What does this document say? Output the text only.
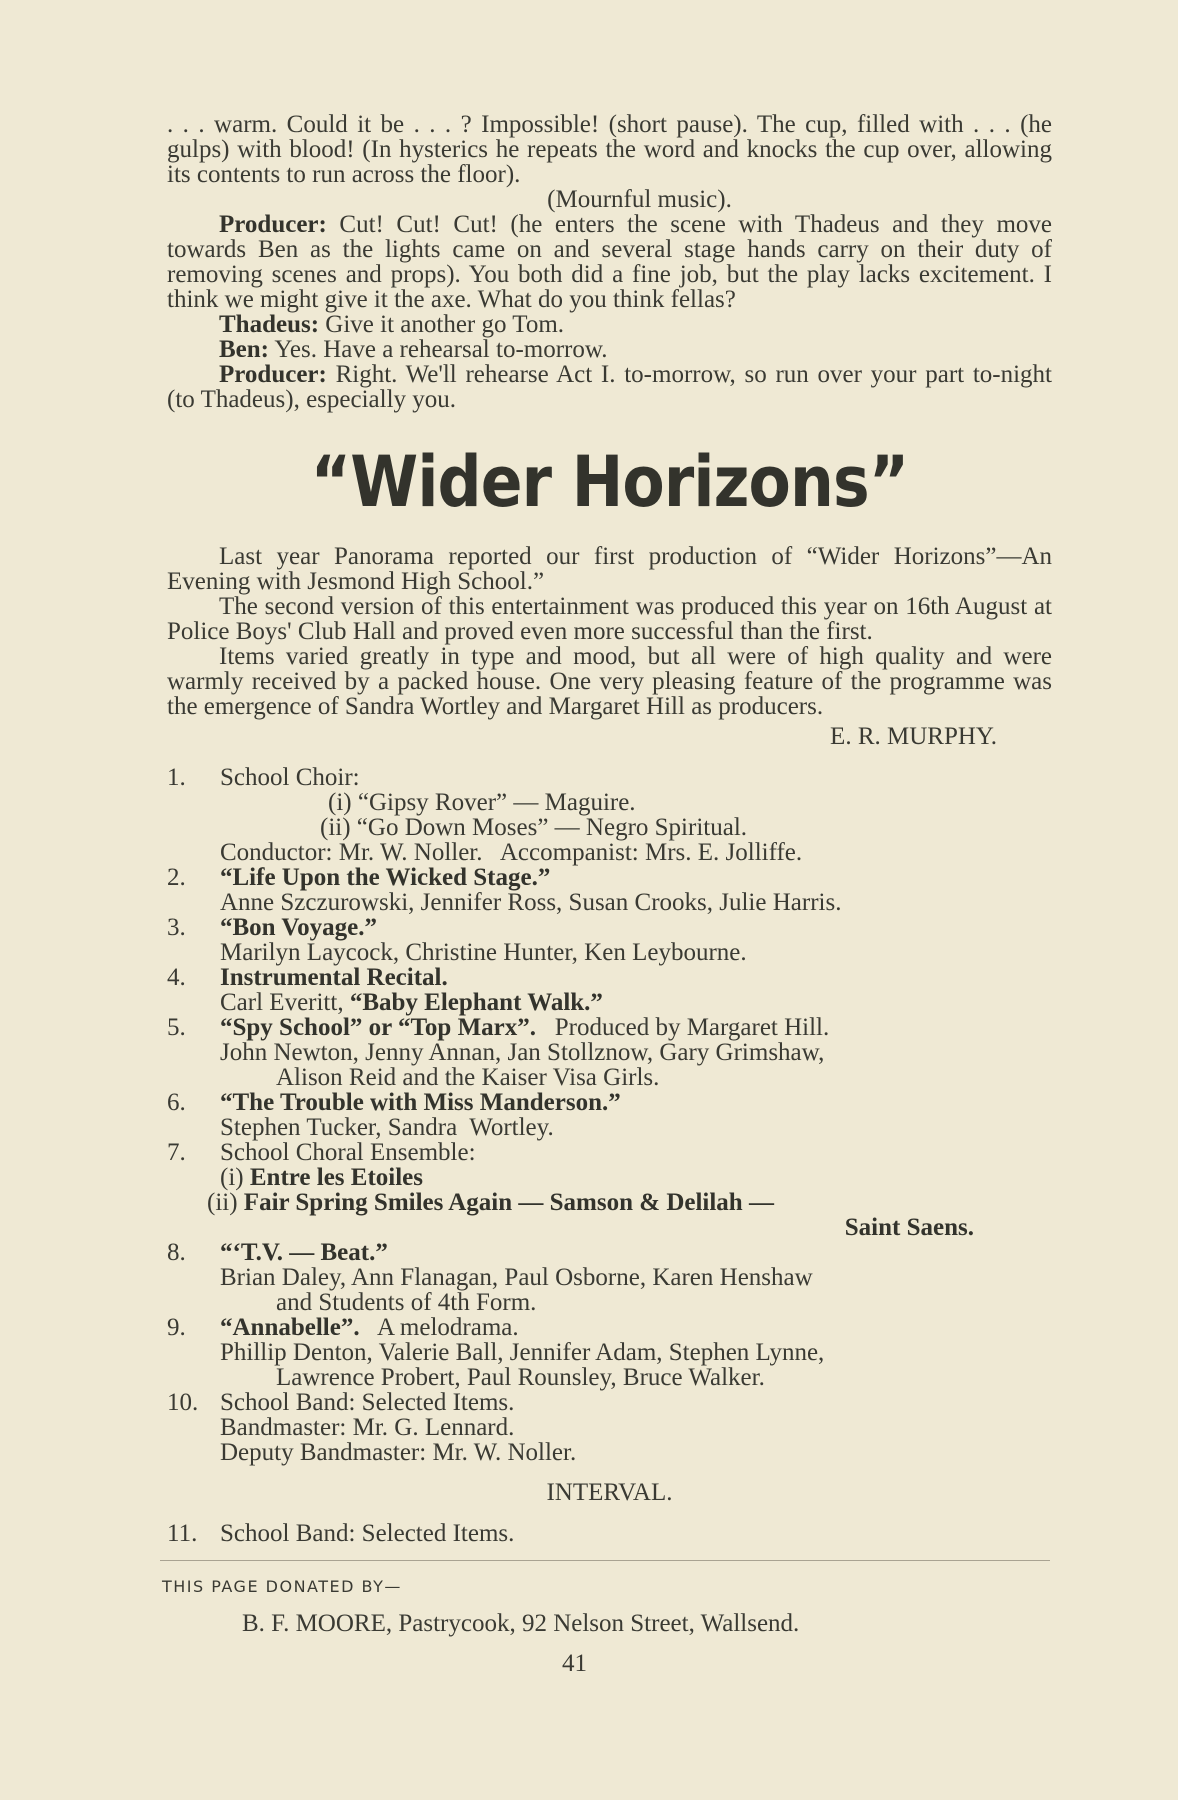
. . . warm. Could it be . . . ? Impossible! (short pause). The cup, filled with . . . (he gulps) with blood! (In hysterics he repeats the word and knocks the cup over, allowing its contents to run across the floor).

(Mournful music).

Producer: Cut! Cut! Cut! (he enters the scene with Thadeus and they move towards Ben as the lights came on and several stage hands carry on their duty of removing scenes and props). You both did a fine job, but the play lacks excitement. I think we might give it the axe. What do you think fellas?

Thadeus: Give it another go Tom.

Ben: Yes. Have a rehearsal to-morrow.

Producer: Right. We'll rehearse Act I. to-morrow, so run over your part to-night (to Thadeus), especially you.

“Wider Horizons”

Last year Panorama reported our first production of “Wider Horizons”—An Evening with Jesmond High School.”

The second version of this entertainment was produced this year on 16th August at Police Boys' Club Hall and proved even more successful than the first.

Items varied greatly in type and mood, but all were of high quality and were warmly received by a packed house. One very pleasing feature of the programme was the emergence of Sandra Wortley and Margaret Hill as producers.

E. R. MURPHY.
1.	School Choir:
(i) “Gipsy Rover” — Maguire.
(ii) “Go Down Moses” — Negro Spiritual.
Conductor: Mr. W. Noller.   Accompanist: Mrs. E. Jolliffe.
2.	“Life Upon the Wicked Stage.”
Anne Szczurowski, Jennifer Ross, Susan Crooks, Julie Harris.
3.	“Bon Voyage.”
Marilyn Laycock, Christine Hunter, Ken Leybourne.
4.	Instrumental Recital.
Carl Everitt, “Baby Elephant Walk.”
5.	“Spy School” or “Top Marx”.   Produced by Margaret Hill.
John Newton, Jenny Annan, Jan Stollznow, Gary Grimshaw,
Alison Reid and the Kaiser Visa Girls.
6.	“The Trouble with Miss Manderson.”
Stephen Tucker, Sandra  Wortley.
7.	School Choral Ensemble:
(i) Entre les Etoiles
(ii) Fair Spring Smiles Again — Samson & Delilah —
Saint Saens.
8.	“‘T.V. — Beat.”
Brian Daley, Ann Flanagan, Paul Osborne, Karen Henshaw
and Students of 4th Form.
9.	“Annabelle”.   A melodrama.
Phillip Denton, Valerie Ball, Jennifer Adam, Stephen Lynne,
Lawrence Probert, Paul Rounsley, Bruce Walker.
10. School Band: Selected Items.
Bandmaster: Mr. G. Lennard.
Deputy Bandmaster: Mr. W. Noller.
INTERVAL.
11. School Band: Selected Items.
THIS PAGE DONATED BY—
B. F. MOORE, Pastrycook, 92 Nelson Street, Wallsend.
41
